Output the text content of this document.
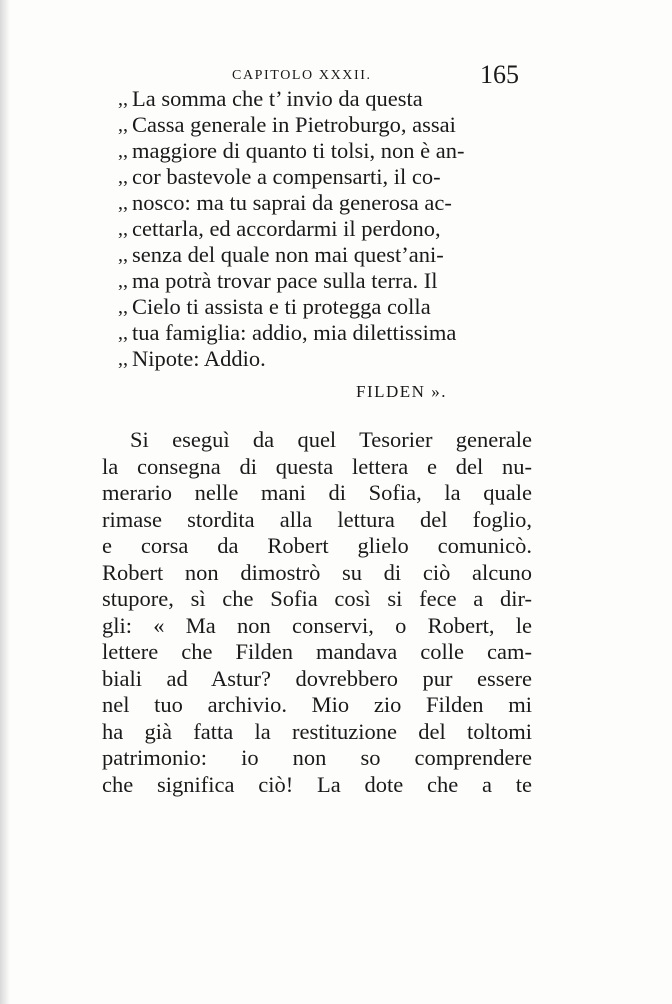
CAPITOLO XXXII.	165
,, La somma che t’ invio da questa
,, Cassa generale in Pietroburgo, assai
,, maggiore di quanto ti tolsi, non è an-
,, cor bastevole a compensarti, il co-
,, nosco: ma tu saprai da generosa ac-
,, cettarla, ed accordarmi il perdono,
,, senza del quale non mai quest’ani-
,, ma potrà trovar pace sulla terra. Il
,, Cielo ti assista e ti protegga colla
,, tua famiglia: addio, mia dilettissima
,, Nipote: Addio.
FILDEN ».
Si eseguì da quel Tesorier generale
la consegna di questa lettera e del nu-
merario nelle mani di Sofia, la quale
rimase stordita alla lettura del foglio,
e corsa da Robert glielo comunicò.
Robert non dimostrò su di ciò alcuno
stupore, sì che Sofia così si fece a dir-
gli: « Ma non conservi, o Robert, le
lettere che Filden mandava colle cam-
biali ad Astur? dovrebbero pur essere
nel tuo archivio. Mio zio Filden mi
ha già fatta la restituzione del toltomi
patrimonio: io non so comprendere
che significa ciò! La dote che a te
